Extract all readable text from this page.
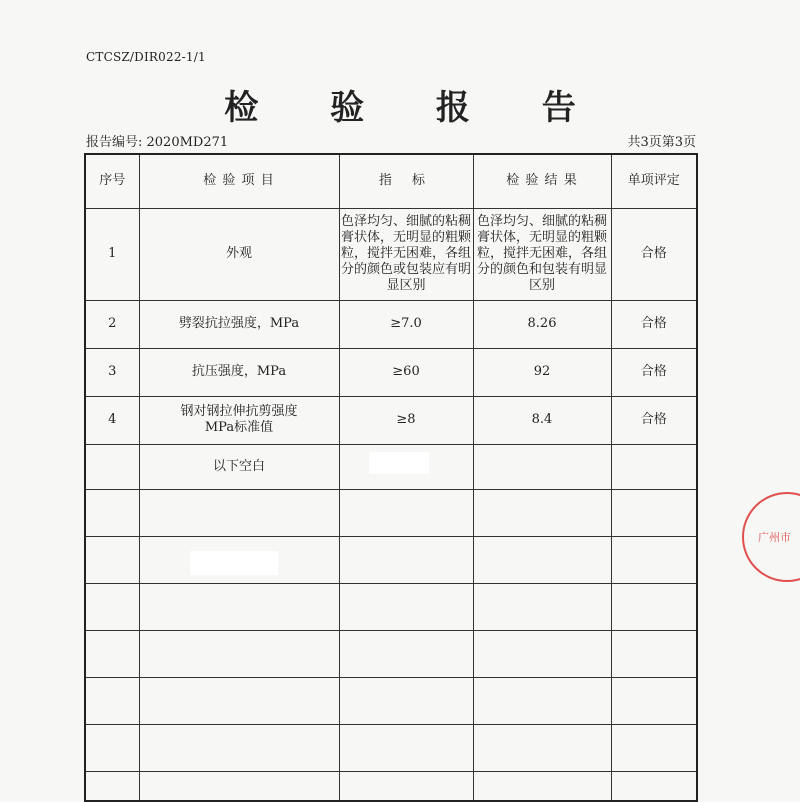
CTCSZ/DIR022-1/1
检 验 报 告
报告编号: 2020MD271	共3页第3页
序号	检 验 项 目	指 标	检 验 结 果	单项评定
1	外观	色泽均匀、细腻的粘稠膏状体，无明显的粗颗粒，搅拌无困难，各组分的颜色或包装应有明显区别	色泽均匀、细腻的粘稠膏状体，无明显的粗颗粒，搅拌无困难，各组分的颜色和包装有明显区别	合格
2	劈裂抗拉强度，MPa	≥7.0	8.26	合格
3	抗压强度，MPa	≥60	92	合格
4	钢对钢拉伸抗剪强度MPa标准值	≥8	8.4	合格
	以下空白			

广州市
